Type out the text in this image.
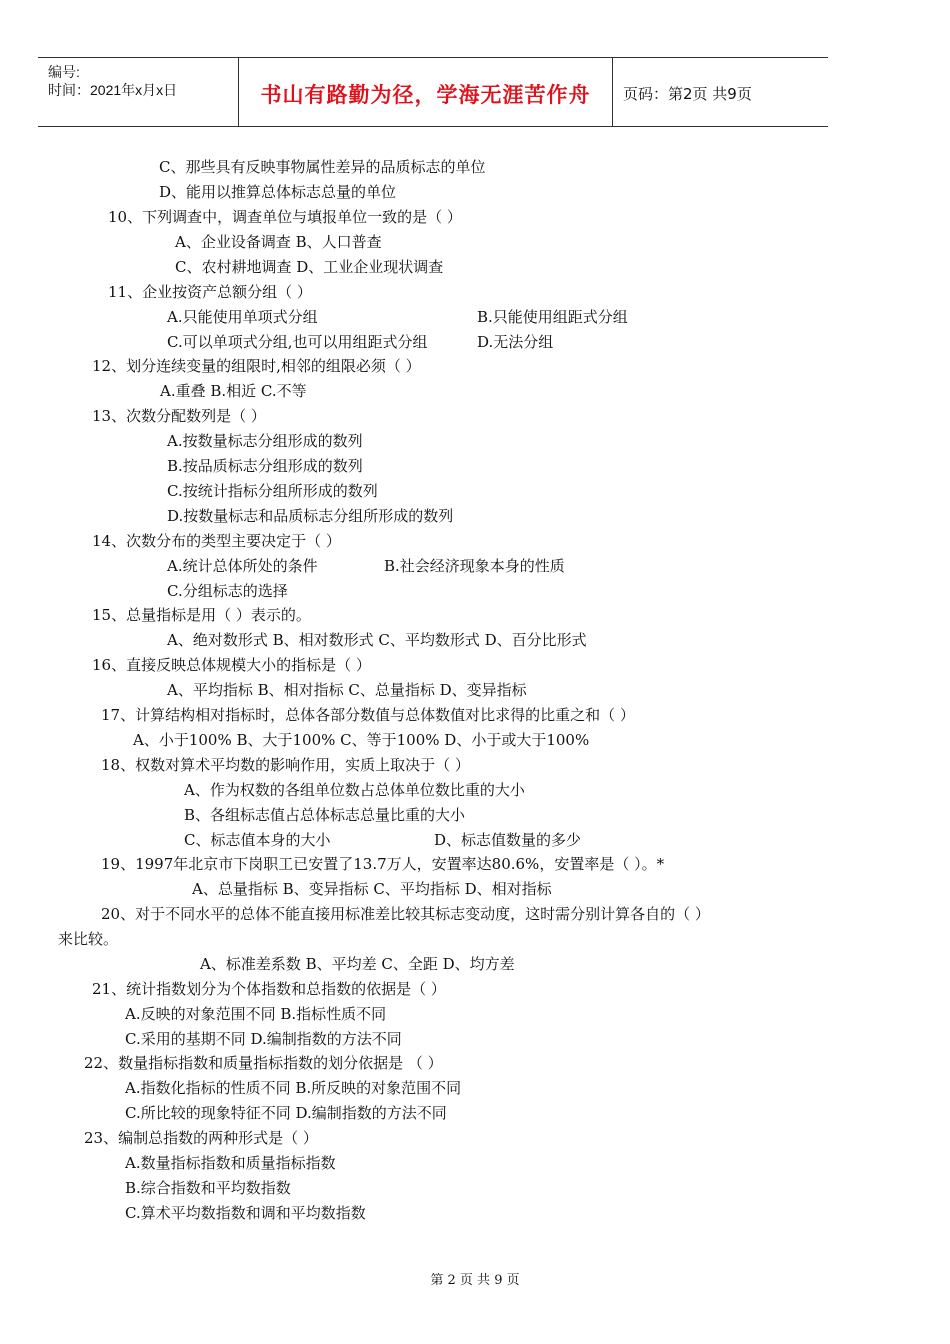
编号:
时间：2021年x月x日	书山有路勤为径，学海无涯苦作舟	页码：第2页 共9页
C、那些具有反映事物属性差异的品质标志的单位
D、能用以推算总体标志总量的单位
10、下列调查中，调查单位与填报单位一致的是（ ）
A、企业设备调查 B、人口普查
C、农村耕地调查 D、工业企业现状调查
11、企业按资产总额分组（ ）
A.只能使用单项式分组	B.只能使用组距式分组
C.可以单项式分组,也可以用组距式分组	D.无法分组
12、划分连续变量的组限时,相邻的组限必须（ ）
A.重叠 B.相近 C.不等
13、次数分配数列是（ ）
A.按数量标志分组形成的数列
B.按品质标志分组形成的数列
C.按统计指标分组所形成的数列
D.按数量标志和品质标志分组所形成的数列
14、次数分布的类型主要决定于（ ）
A.统计总体所处的条件	B.社会经济现象本身的性质
C.分组标志的选择
15、总量指标是用（ ）表示的。
A、绝对数形式 B、相对数形式 C、平均数形式 D、百分比形式
16、直接反映总体规模大小的指标是（ ）
A、平均指标 B、相对指标 C、总量指标 D、变异指标
17、计算结构相对指标时，总体各部分数值与总体数值对比求得的比重之和（ ）
A、小于100% B、大于100% C、等于100% D、小于或大于100%
18、权数对算术平均数的影响作用，实质上取决于（ ）
A、作为权数的各组单位数占总体单位数比重的大小
B、各组标志值占总体标志总量比重的大小
C、标志值本身的大小	D、标志值数量的多少
19、1997年北京市下岗职工已安置了13.7万人，安置率达80.6%，安置率是（ ）。*
A、总量指标 B、变异指标 C、平均指标 D、相对指标
20、对于不同水平的总体不能直接用标准差比较其标志变动度，这时需分别计算各自的（ ）
来比较。
A、标准差系数 B、平均差 C、全距 D、均方差
21、统计指数划分为个体指数和总指数的依据是（ ）
A.反映的对象范围不同 B.指标性质不同
C.采用的基期不同 D.编制指数的方法不同
22、数量指标指数和质量指标指数的划分依据是 （ ）
A.指数化指标的性质不同 B.所反映的对象范围不同
C.所比较的现象特征不同 D.编制指数的方法不同
23、编制总指数的两种形式是（ ）
A.数量指标指数和质量指标指数
B.综合指数和平均数指数
C.算术平均数指数和调和平均数指数
第 2 页 共 9 页
